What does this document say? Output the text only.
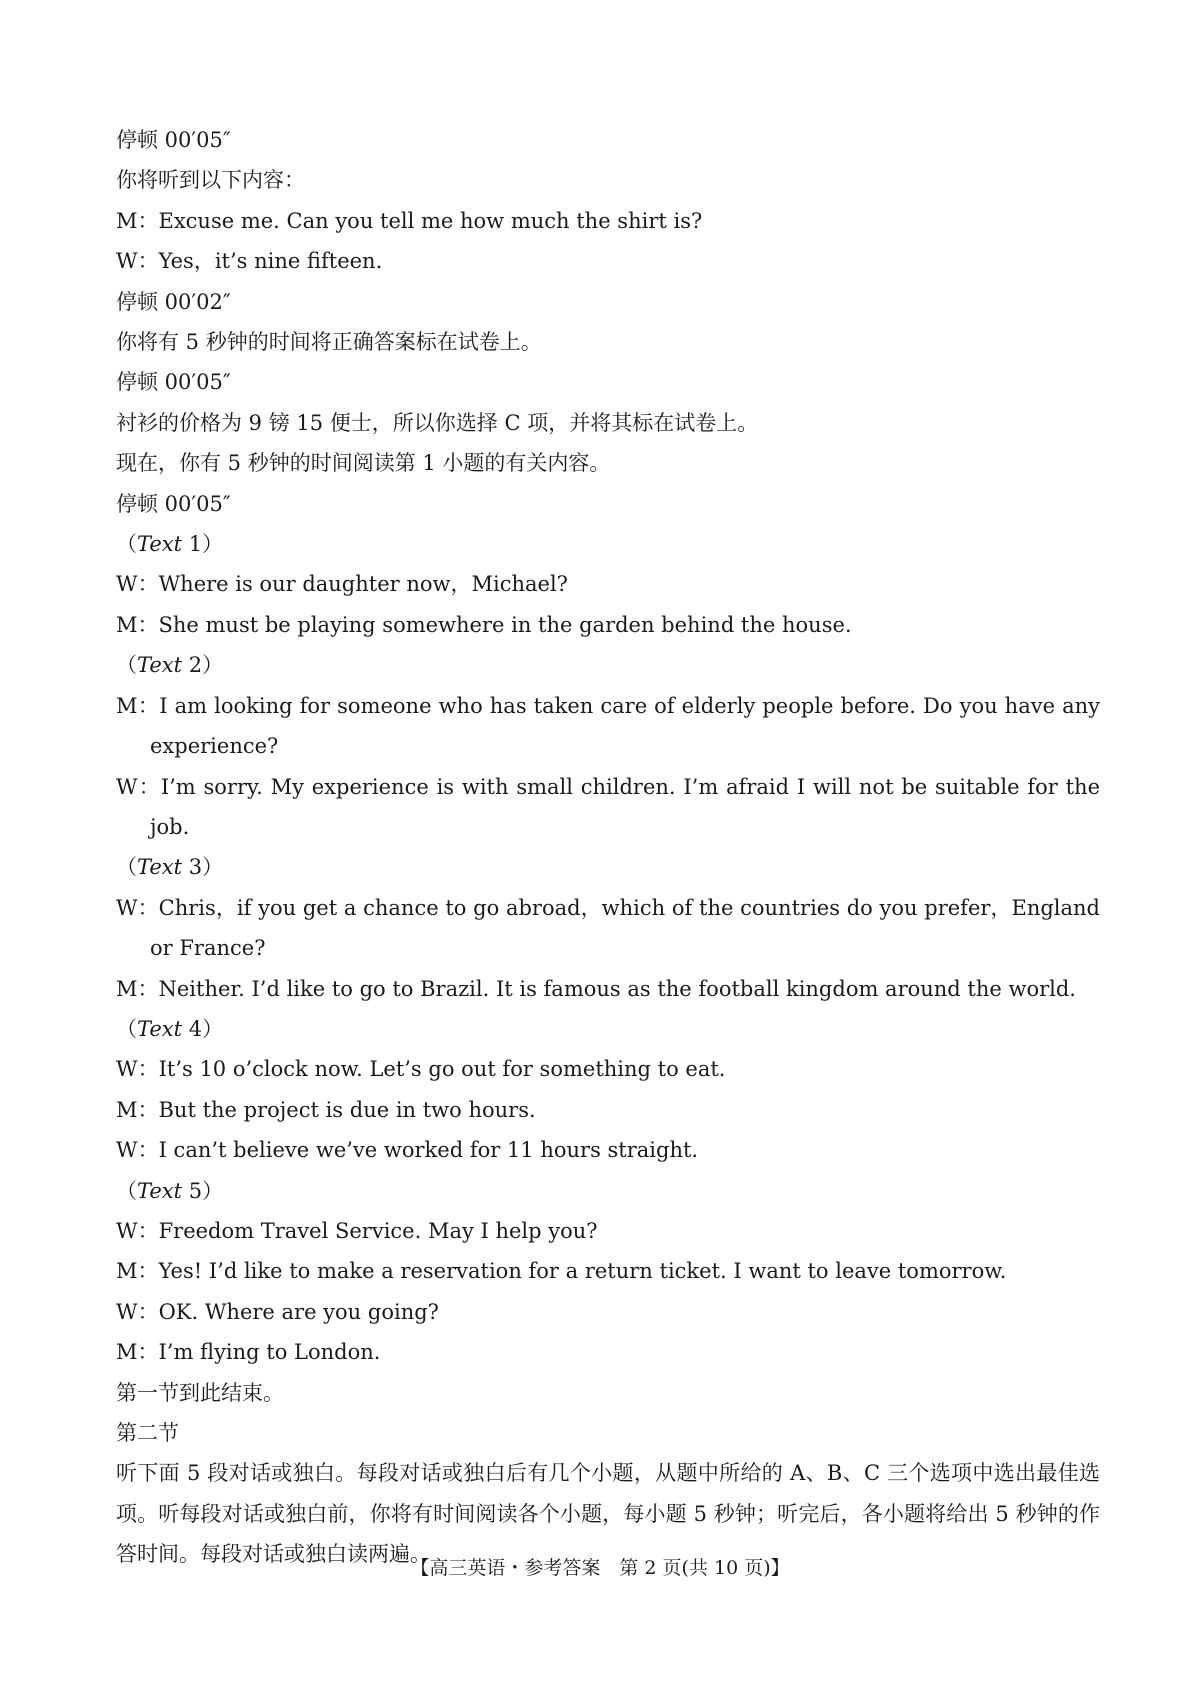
停顿 00′05″
你将听到以下内容：
M：Excuse me. Can you tell me how much the shirt is?
W：Yes，it’s nine fifteen.
停顿 00′02″
你将有 5 秒钟的时间将正确答案标在试卷上。
停顿 00′05″
衬衫的价格为 9 镑 15 便士，所以你选择 C 项，并将其标在试卷上。
现在，你有 5 秒钟的时间阅读第 1 小题的有关内容。
停顿 00′05″
（Text 1）
W：Where is our daughter now，Michael?
M：She must be playing somewhere in the garden behind the house.
（Text 2）
M：I am looking for someone who has taken care of elderly people before. Do you have any experience?
W：I’m sorry. My experience is with small children. I’m afraid I will not be suitable for the job.
（Text 3）
W：Chris，if you get a chance to go abroad，which of the countries do you prefer，England or France?
M：Neither. I’d like to go to Brazil. It is famous as the football kingdom around the world.
（Text 4）
W：It’s 10 o’clock now. Let’s go out for something to eat.
M：But the project is due in two hours.
W：I can’t believe we’ve worked for 11 hours straight.
（Text 5）
W：Freedom Travel Service. May I help you?
M：Yes! I’d like to make a reservation for a return ticket. I want to leave tomorrow.
W：OK. Where are you going?
M：I’m flying to London.
第一节到此结束。
第二节
听下面 5 段对话或独白。每段对话或独白后有几个小题，从题中所给的 A、B、C 三个选项中选出最佳选项。听每段对话或独白前，你将有时间阅读各个小题，每小题 5 秒钟；听完后，各小题将给出 5 秒钟的作答时间。每段对话或独白读两遍。
【高三英语・参考答案　第 2 页(共 10 页)】
